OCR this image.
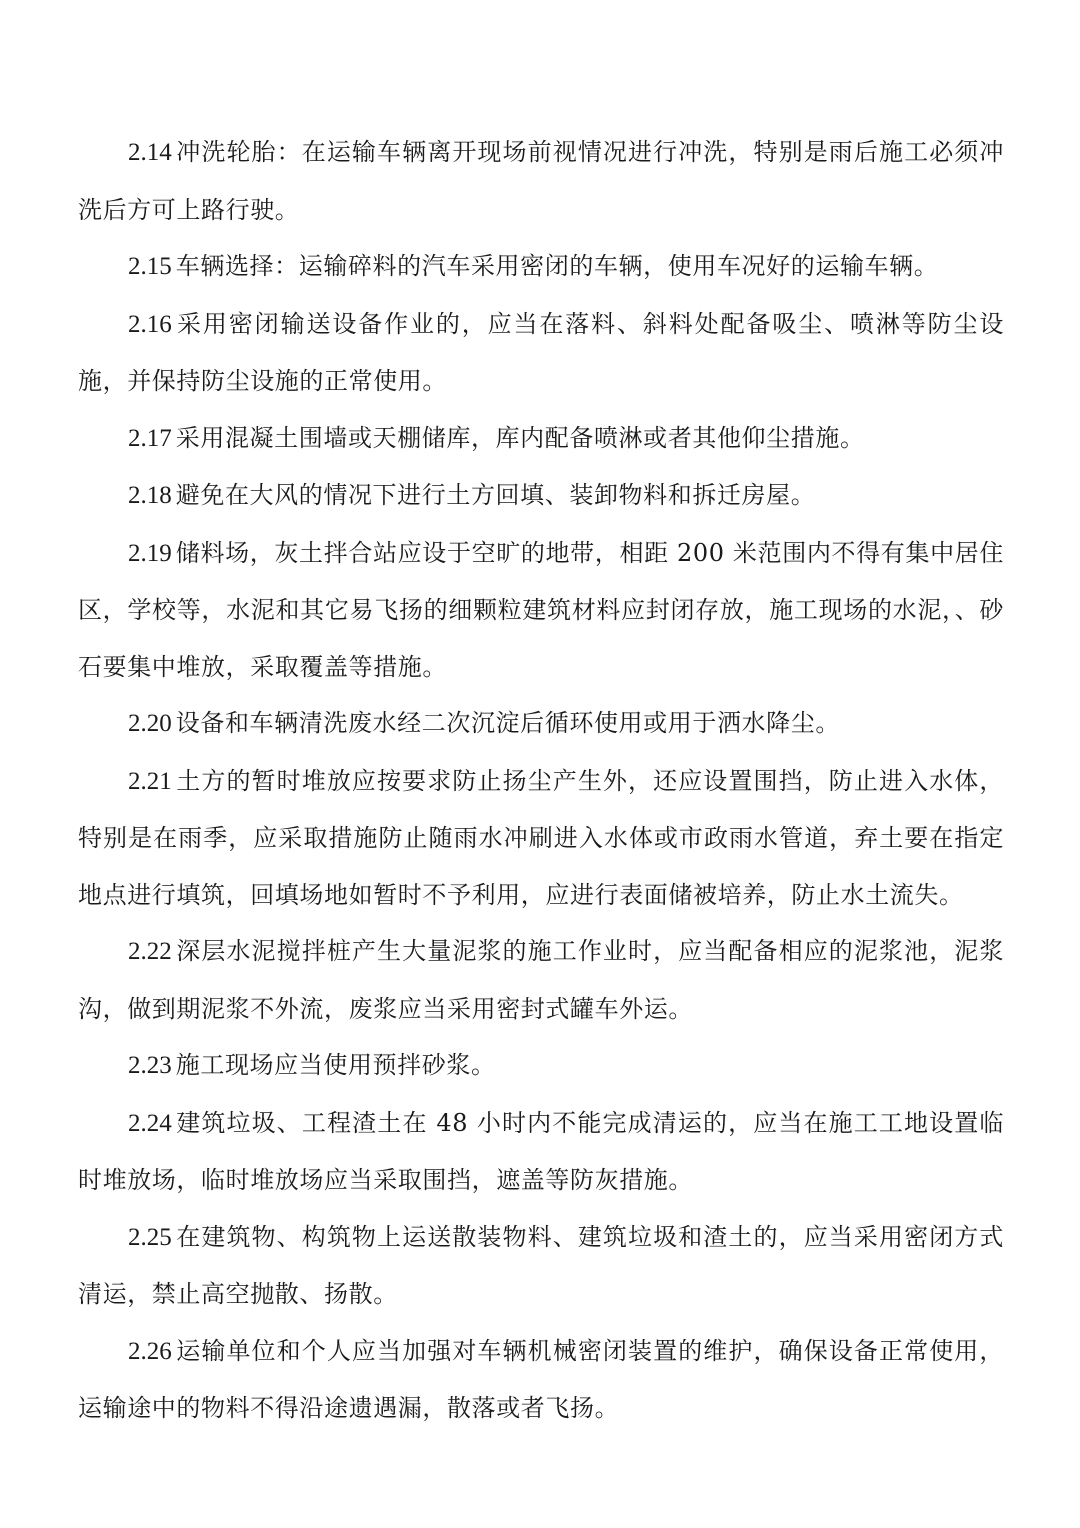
2.14 冲洗轮胎：在运输车辆离开现场前视情况进行冲洗，特别是雨后施工必须冲洗后方可上路行驶。

2.15 车辆选择：运输碎料的汽车采用密闭的车辆，使用车况好的运输车辆。

2.16 采用密闭输送设备作业的，应当在落料、斜料处配备吸尘、喷淋等防尘设施，并保持防尘设施的正常使用。

2.17 采用混凝土围墙或天棚储库，库内配备喷淋或者其他仰尘措施。

2.18 避免在大风的情况下进行土方回填、装卸物料和拆迁房屋。

2.19 储料场，灰土拌合站应设于空旷的地带，相距 200 米范围内不得有集中居住区，学校等，水泥和其它易飞扬的细颗粒建筑材料应封闭存放，施工现场的水泥，、砂石要集中堆放，采取覆盖等措施。

2.20 设备和车辆清洗废水经二次沉淀后循环使用或用于洒水降尘。

2.21 土方的暂时堆放应按要求防止扬尘产生外，还应设置围挡，防止进入水体，特别是在雨季，应采取措施防止随雨水冲刷进入水体或市政雨水管道，弃土要在指定地点进行填筑，回填场地如暂时不予利用，应进行表面储被培养，防止水土流失。

2.22 深层水泥搅拌桩产生大量泥浆的施工作业时，应当配备相应的泥浆池，泥浆沟，做到期泥浆不外流，废浆应当采用密封式罐车外运。

2.23 施工现场应当使用预拌砂浆。

2.24 建筑垃圾、工程渣土在 48 小时内不能完成清运的，应当在施工工地设置临时堆放场，临时堆放场应当采取围挡，遮盖等防灰措施。

2.25 在建筑物、构筑物上运送散装物料、建筑垃圾和渣土的，应当采用密闭方式清运，禁止高空抛散、扬散。

2.26 运输单位和个人应当加强对车辆机械密闭装置的维护，确保设备正常使用，运输途中的物料不得沿途遗遇漏，散落或者飞扬。
